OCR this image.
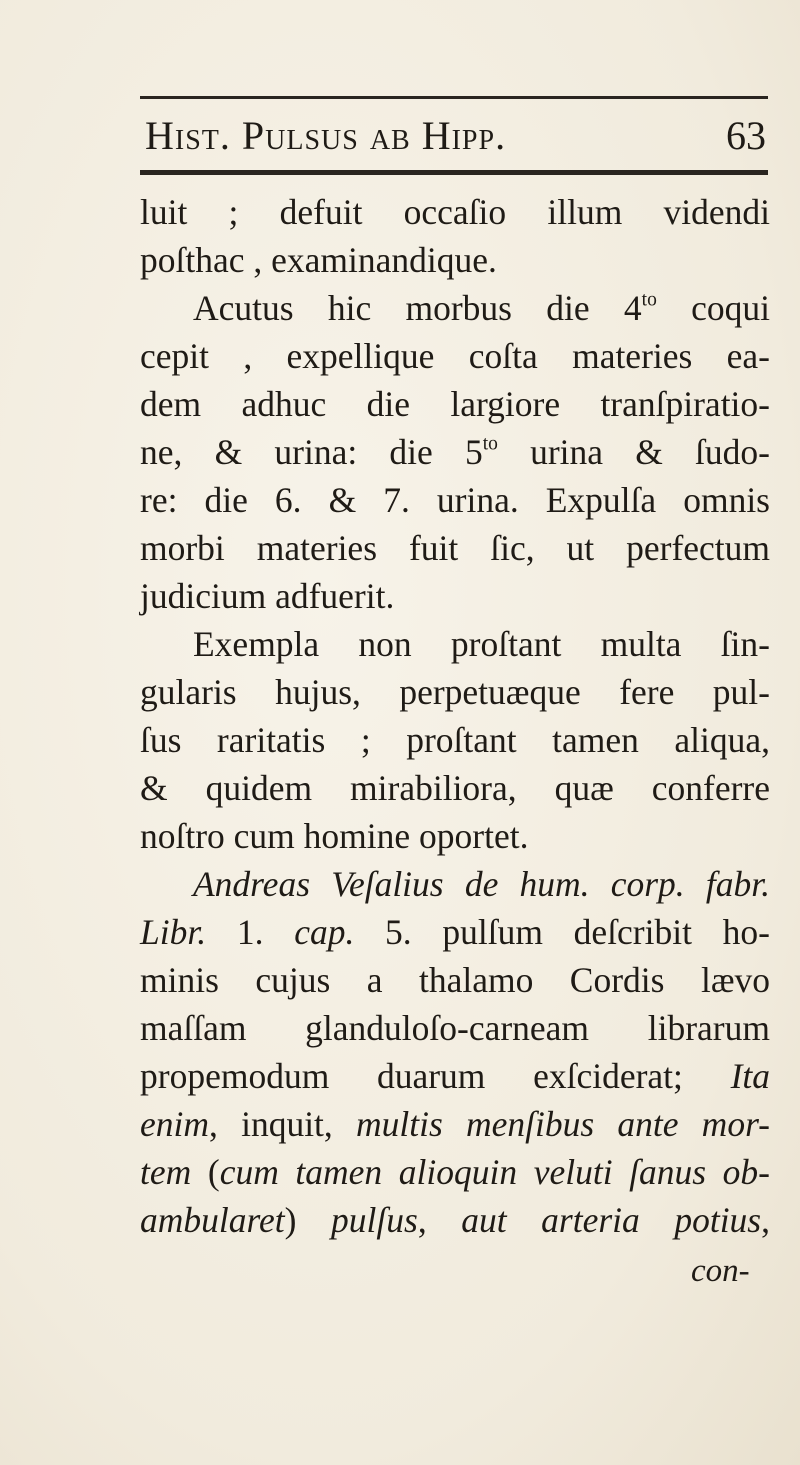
Hist. Pulsus ab Hipp.	63
luit ; defuit occaſio illum videndi
poſthac , examinandique.
Acutus hic morbus die $4^{to}$ coqui
cepit , expellique coſta materies ea-
dem adhuc die largiore tranſpiratio-
ne, & urina: die $5^{to}$ urina & ſudo-
re: die 6. & 7. urina. Expulſa omnis
morbi materies fuit ſic, ut perfectum
judicium adfuerit.
Exempla non proſtant multa ſin-
gularis hujus, perpetuæque fere pul-
ſus raritatis ; proſtant tamen aliqua,
& quidem mirabiliora, quæ conferre
noſtro cum homine oportet.
Andreas Veſalius de hum. corp. fabr.
Libr. 1. cap. 5. pulſum deſcribit ho-
minis cujus a thalamo Cordis lævo
maſſam glanduloſo-carneam librarum
propemodum duarum exſciderat; Ita
enim, inquit, multis menſibus ante mor-
tem (cum tamen alioquin veluti ſanus ob-
ambularet) pulſus, aut arteria potius,
con-
